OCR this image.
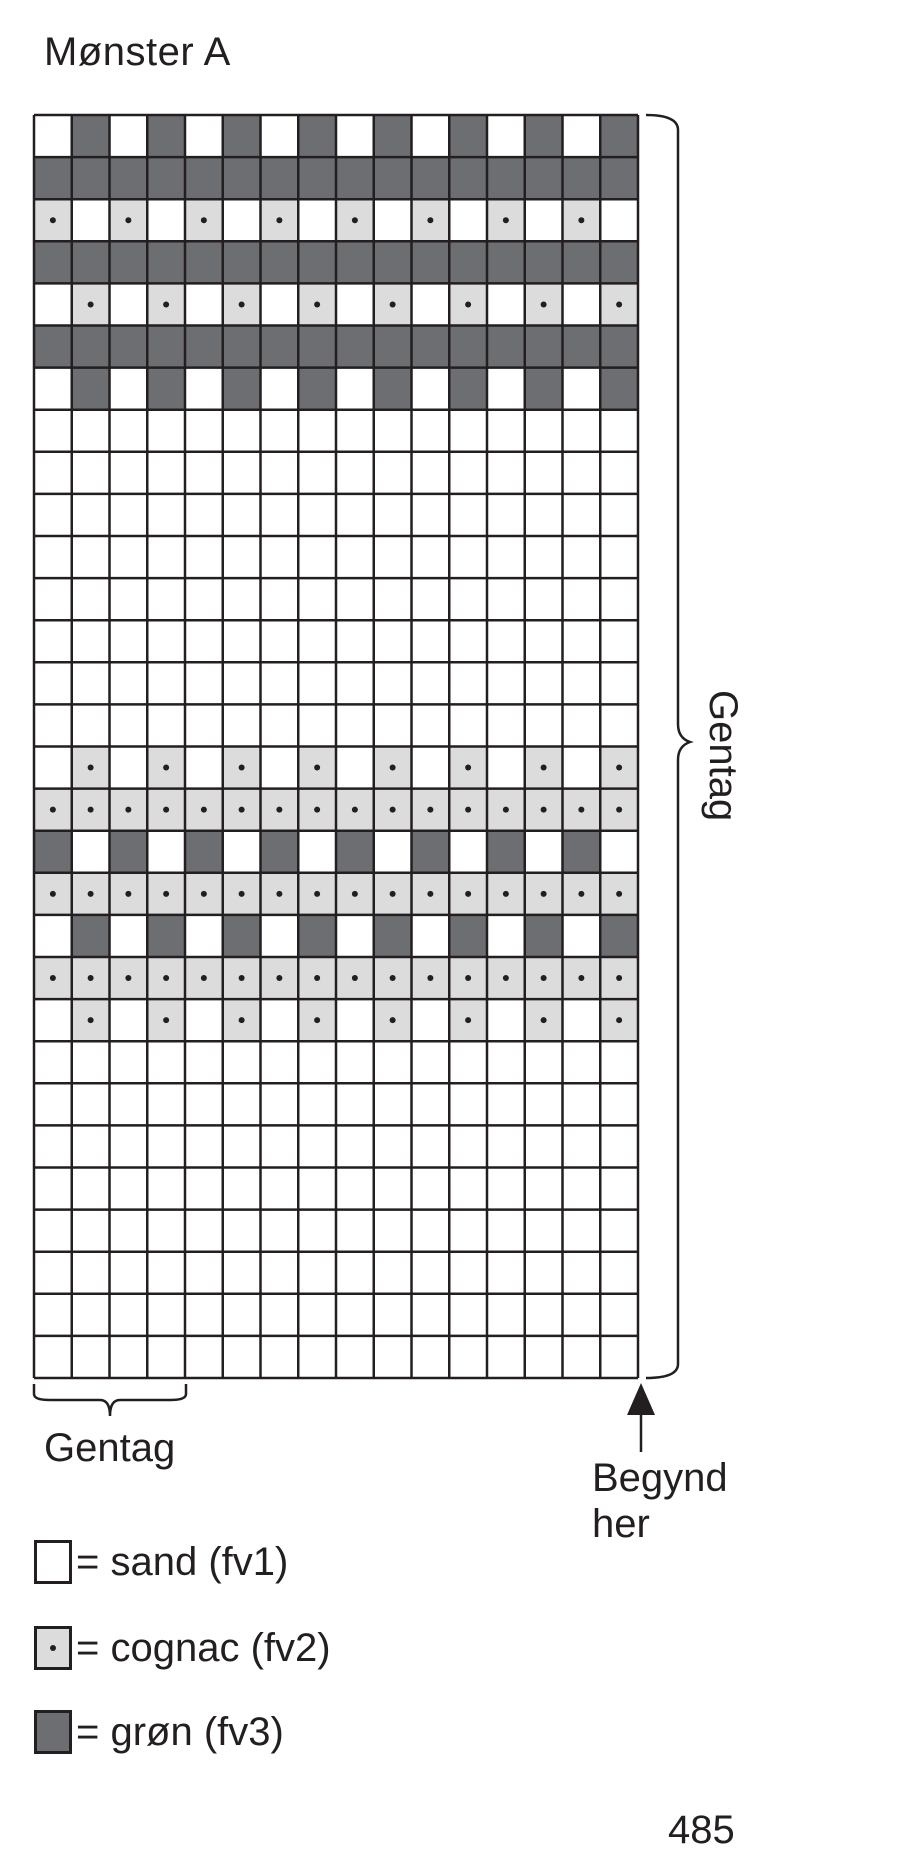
Mønster A
Gentag
Gentag
Begynd
her
= sand (fv1)
= cognac (fv2)
= grøn (fv3)
485
